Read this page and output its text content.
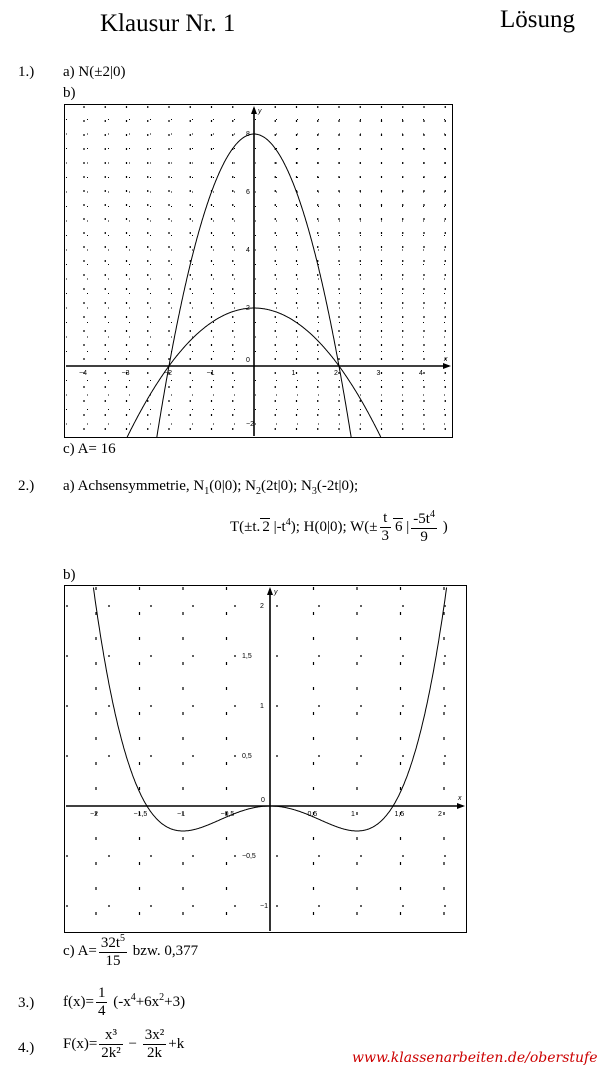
Klausur Nr. 1	Lösung
1.) a) N(±2|0)
b)
−4	−3	−2	−1	1	2	3	4
−2
2
4
6
8
0	x
y
c) A= 16
2.) a) Achsensymmetrie, $N_1(0|0)$; $N_2(2t|0)$; $N_3(-2t|0)$;
T(±t. 2 $|-t^4$); H(0|0); $W(\pm \frac{t}{3} 6$ | $\frac{-5t^4}{9}$ )
b)
−2	−1,5	−1	−0,5	0,5	1	1,5	2
−1
−0,5
0,5
1
1,5
2
0	x
y
c) $A= \frac{32t^5}{15}$ bzw. 0,377
3.) $f(x)= \frac{1}{4} (-x^4+6x^2+3)$
4.) $F(x)= \frac{\text{x³}}{\text{2k²}} - \frac{\text{3x²}}{2k} +k$
www.klassenarbeiten.de/oberstufe
